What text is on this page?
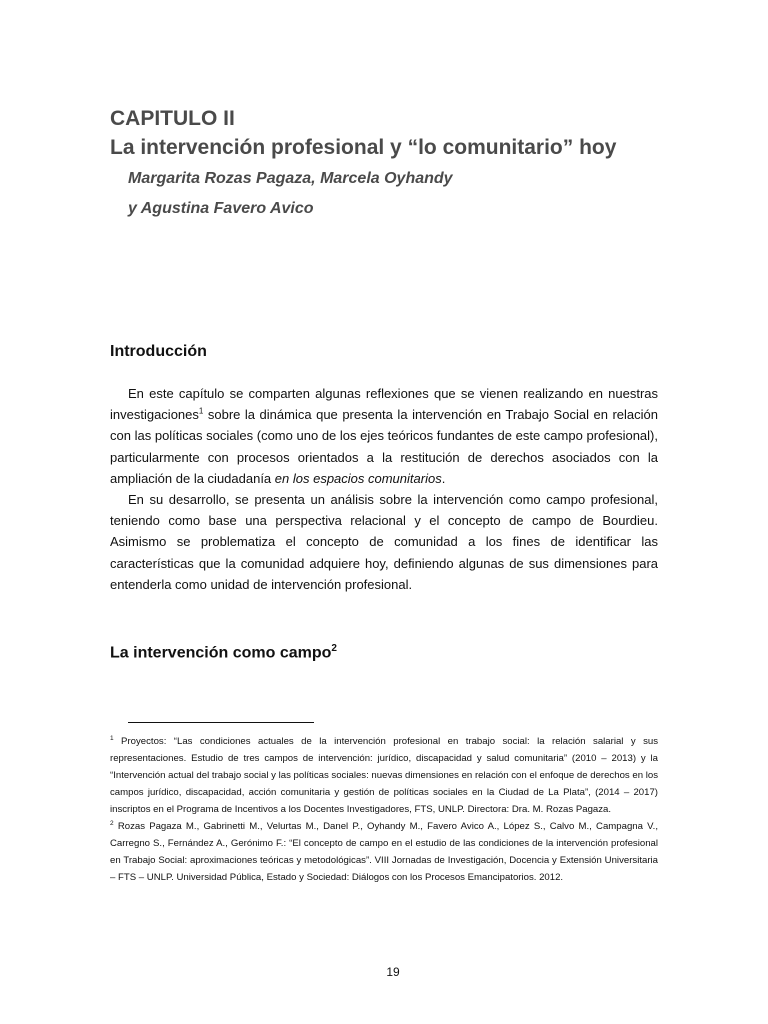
CAPITULO II
La intervención profesional y “lo comunitario” hoy
Margarita Rozas Pagaza, Marcela Oyhandy
y Agustina Favero Avico
Introducción

En este capítulo se comparten algunas reflexiones que se vienen realizando en nuestras investigaciones$^1$ sobre la dinámica que presenta la intervención en Trabajo Social en relación con las políticas sociales (como uno de los ejes teóricos fundantes de este campo profesional), particularmente con procesos orientados a la restitución de derechos asociados con la ampliación de la ciudadanía en los espacios comunitarios.

En su desarrollo, se presenta un análisis sobre la intervención como campo profesional, teniendo como base una perspectiva relacional y el concepto de campo de Bourdieu. Asimismo se problematiza el concepto de comunidad a los fines de identificar las características que la comunidad adquiere hoy, definiendo algunas de sus dimensiones para entenderla como unidad de intervención profesional.

La intervención como campo$^2$

$^1$ Proyectos: “Las condiciones actuales de la intervención profesional en trabajo social: la relación salarial y sus representaciones. Estudio de tres campos de intervención: jurídico, discapacidad y salud comunitaria” (2010 – 2013) y la “Intervención actual del trabajo social y las políticas sociales: nuevas dimensiones en relación con el enfoque de derechos en los campos jurídico, discapacidad, acción comunitaria y gestión de políticas sociales en la Ciudad de La Plata”, (2014 – 2017) inscriptos en el Programa de Incentivos a los Docentes Investigadores, FTS, UNLP. Directora: Dra. M. Rozas Pagaza.

$^2$ Rozas Pagaza M., Gabrinetti M., Velurtas M., Danel P., Oyhandy M., Favero Avico A., López S., Calvo M., Campagna V., Carregno S., Fernández A., Gerónimo F.: “El concepto de campo en el estudio de las condiciones de la intervención profesional en Trabajo Social: aproximaciones teóricas y metodológicas”. VIII Jornadas de Investigación, Docencia y Extensión Universitaria – FTS – UNLP. Universidad Pública, Estado y Sociedad: Diálogos con los Procesos Emancipatorios. 2012.

19
